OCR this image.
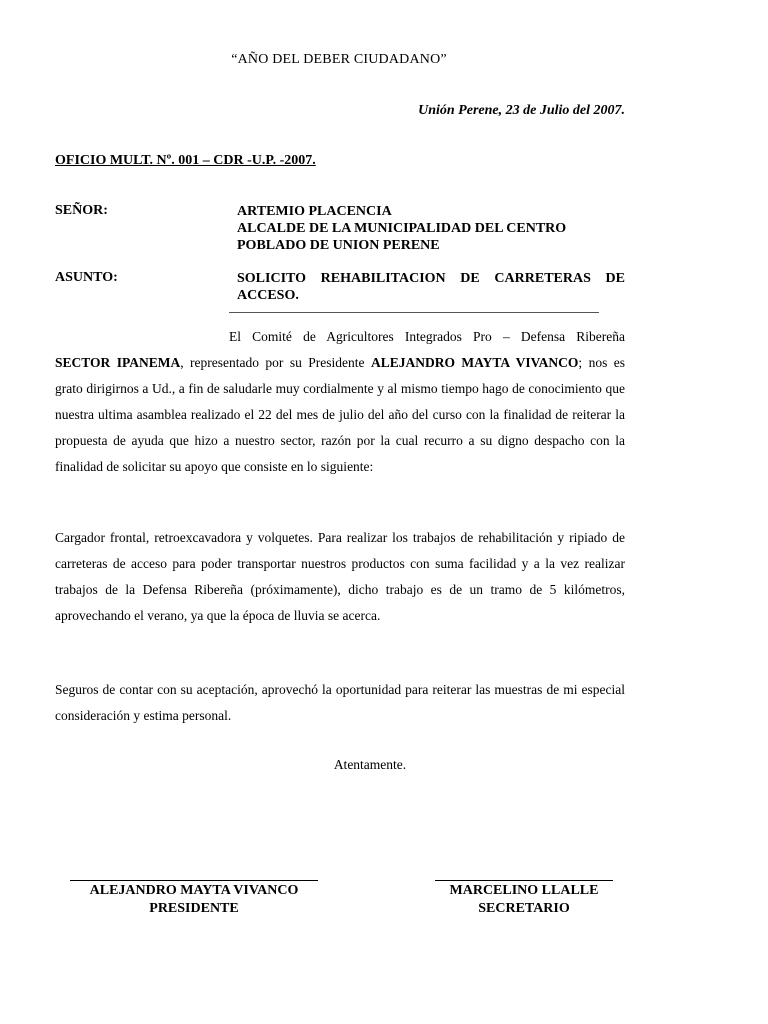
“AÑO DEL DEBER CIUDADANO”
Unión Perene, 23 de Julio del 2007.
OFICIO MULT. Nº. 001 – CDR -U.P. -2007.
SEÑOR:	ARTEMIO PLACENCIA
ALCALDE DE LA MUNICIPALIDAD DEL CENTRO
POBLADO DE UNION PERENE
ASUNTO:	SOLICITO REHABILITACION DE CARRETERAS DE ACCESO.
El Comité de Agricultores Integrados Pro – Defensa Ribereña
SECTOR IPANEMA, representado por su Presidente ALEJANDRO MAYTA VIVANCO; nos es grato dirigirnos a Ud., a fin de saludarle muy cordialmente y al mismo tiempo hago de conocimiento que nuestra ultima asamblea realizado el 22 del mes de julio del año del curso con la finalidad de reiterar la propuesta de ayuda que hizo a nuestro sector, razón por la cual recurro a su digno despacho con la finalidad de solicitar su apoyo que consiste en lo siguiente:
Cargador frontal, retroexcavadora y volquetes. Para realizar los trabajos de rehabilitación y ripiado de carreteras de acceso para poder transportar nuestros productos con suma facilidad y a la vez realizar trabajos de la Defensa Ribereña (próximamente), dicho trabajo es de un tramo de 5 kilómetros, aprovechando el verano, ya que la época de lluvia se acerca.
Seguros de contar con su aceptación, aprovechó la oportunidad para reiterar las muestras de mi especial consideración y estima personal.
Atentamente.
ALEJANDRO MAYTA VIVANCO
PRESIDENTE
MARCELINO LLALLE
SECRETARIO
